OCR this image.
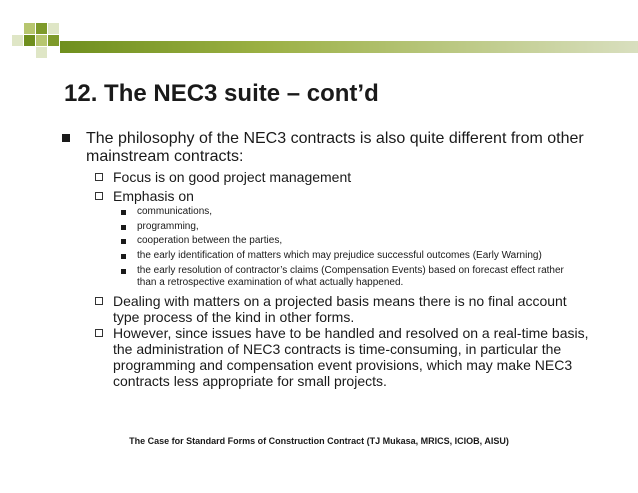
12. The NEC3 suite – cont’d
The philosophy of the NEC3 contracts is also quite different from other mainstream contracts:
Focus is on good project management
Emphasis on
communications,
programming,
cooperation between the parties,
the early identification of matters which may prejudice successful outcomes (Early Warning)
the early resolution of contractor’s claims (Compensation Events) based on forecast effect rather than a retrospective examination of what actually happened.
Dealing with matters on a projected basis means there is no final account type process of the kind in other forms.
However, since issues have to be handled and resolved on a real-time basis, the administration of NEC3 contracts is time-consuming, in particular the programming and compensation event provisions, which may make NEC3 contracts less appropriate for small projects.
The Case for Standard Forms of Construction Contract (TJ Mukasa, MRICS, ICIOB, AISU)
